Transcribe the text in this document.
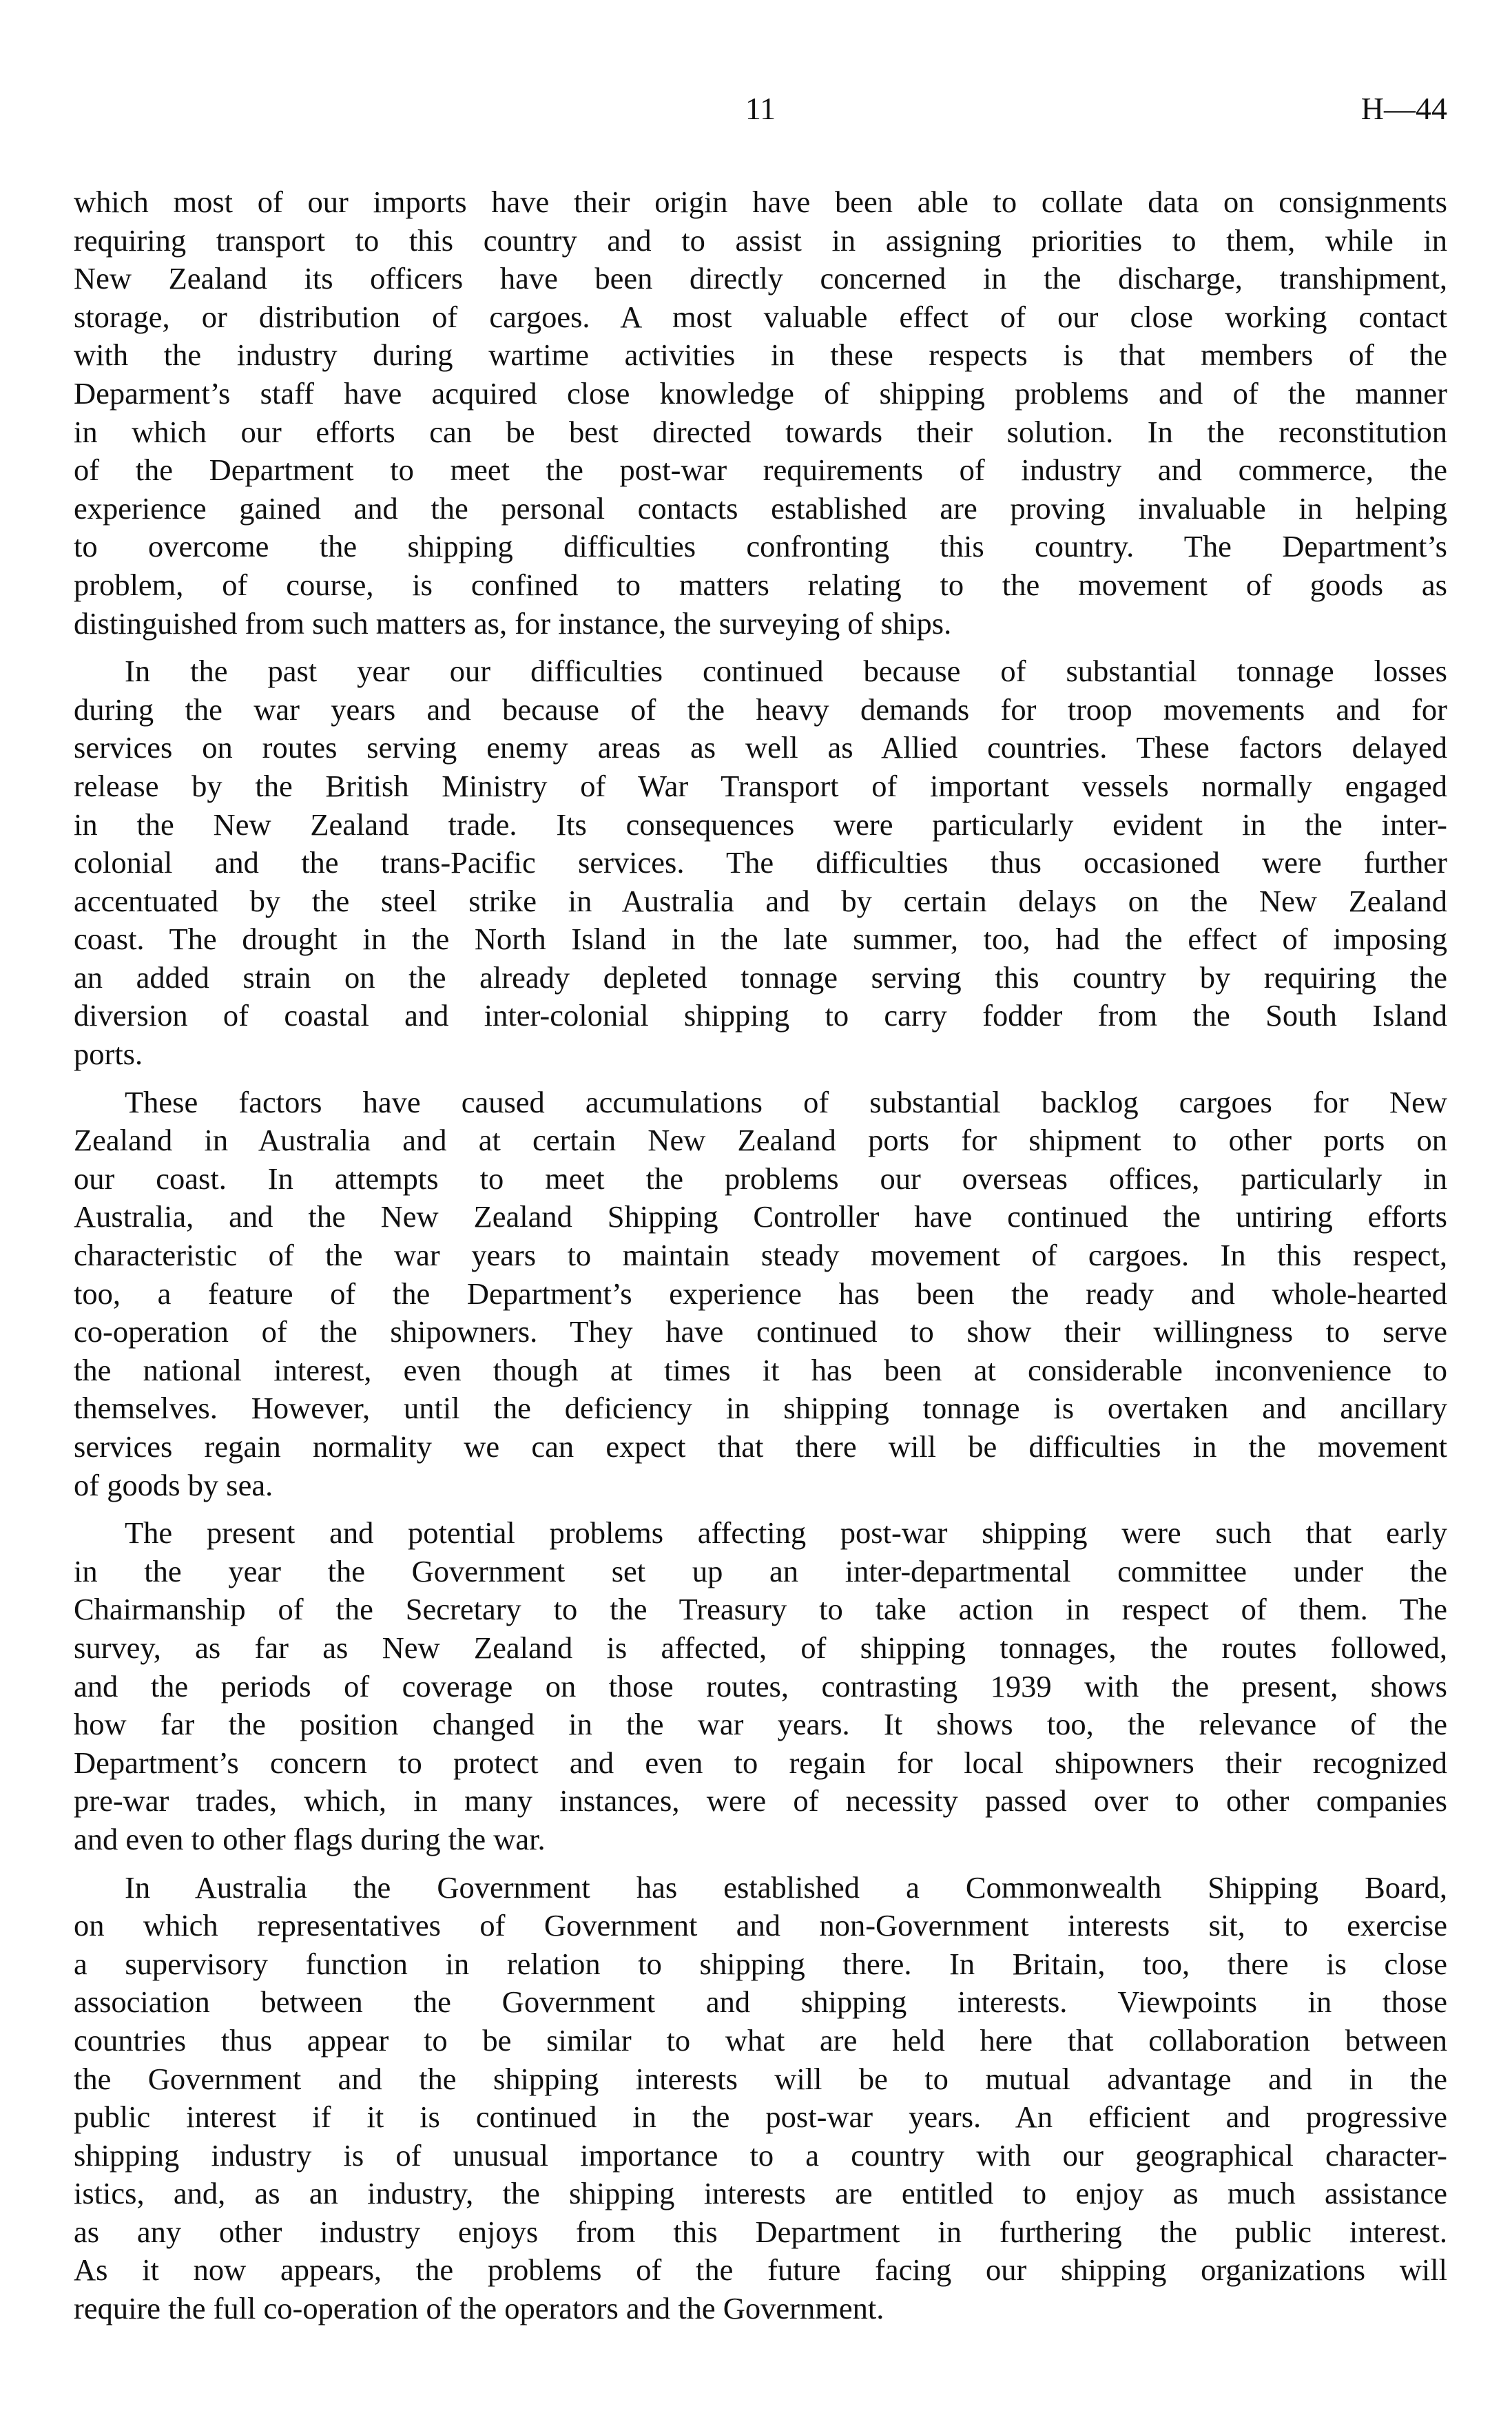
11	H—44
which most of our imports have their origin have been able to collate data on consignments
requiring transport to this country and to assist in assigning priorities to them, while in
New Zealand its officers have been directly concerned in the discharge, transhipment,
storage, or distribution of cargoes. A most valuable effect of our close working contact
with the industry during wartime activities in these respects is that members of the
Deparment’s staff have acquired close knowledge of shipping problems and of the manner
in which our efforts can be best directed towards their solution. In the reconstitution
of the Department to meet the post-war requirements of industry and commerce, the
experience gained and the personal contacts established are proving invaluable in helping
to overcome the shipping difficulties confronting this country. The Department’s
problem, of course, is confined to matters relating to the movement of goods as
distinguished from such matters as, for instance, the surveying of ships.
In the past year our difficulties continued because of substantial tonnage losses
during the war years and because of the heavy demands for troop movements and for
services on routes serving enemy areas as well as Allied countries. These factors delayed
release by the British Ministry of War Transport of important vessels normally engaged
in the New Zealand trade. Its consequences were particularly evident in the inter-
colonial and the trans-Pacific services. The difficulties thus occasioned were further
accentuated by the steel strike in Australia and by certain delays on the New Zealand
coast. The drought in the North Island in the late summer, too, had the effect of imposing
an added strain on the already depleted tonnage serving this country by requiring the
diversion of coastal and inter-colonial shipping to carry fodder from the South Island
ports.
These factors have caused accumulations of substantial backlog cargoes for New
Zealand in Australia and at certain New Zealand ports for shipment to other ports on
our coast. In attempts to meet the problems our overseas offices, particularly in
Australia, and the New Zealand Shipping Controller have continued the untiring efforts
characteristic of the war years to maintain steady movement of cargoes. In this respect,
too, a feature of the Department’s experience has been the ready and whole-hearted
co-operation of the shipowners. They have continued to show their willingness to serve
the national interest, even though at times it has been at considerable inconvenience to
themselves. However, until the deficiency in shipping tonnage is overtaken and ancillary
services regain normality we can expect that there will be difficulties in the movement
of goods by sea.
The present and potential problems affecting post-war shipping were such that early
in the year the Government set up an inter-departmental committee under the
Chairmanship of the Secretary to the Treasury to take action in respect of them. The
survey, as far as New Zealand is affected, of shipping tonnages, the routes followed,
and the periods of coverage on those routes, contrasting 1939 with the present, shows
how far the position changed in the war years. It shows too, the relevance of the
Department’s concern to protect and even to regain for local shipowners their recognized
pre-war trades, which, in many instances, were of necessity passed over to other companies
and even to other flags during the war.
In Australia the Government has established a Commonwealth Shipping Board,
on which representatives of Government and non-Government interests sit, to exercise
a supervisory function in relation to shipping there. In Britain, too, there is close
association between the Government and shipping interests. Viewpoints in those
countries thus appear to be similar to what are held here that collaboration between
the Government and the shipping interests will be to mutual advantage and in the
public interest if it is continued in the post-war years. An efficient and progressive
shipping industry is of unusual importance to a country with our geographical character-
istics, and, as an industry, the shipping interests are entitled to enjoy as much assistance
as any other industry enjoys from this Department in furthering the public interest.
As it now appears, the problems of the future facing our shipping organizations will
require the full co-operation of the operators and the Government.
